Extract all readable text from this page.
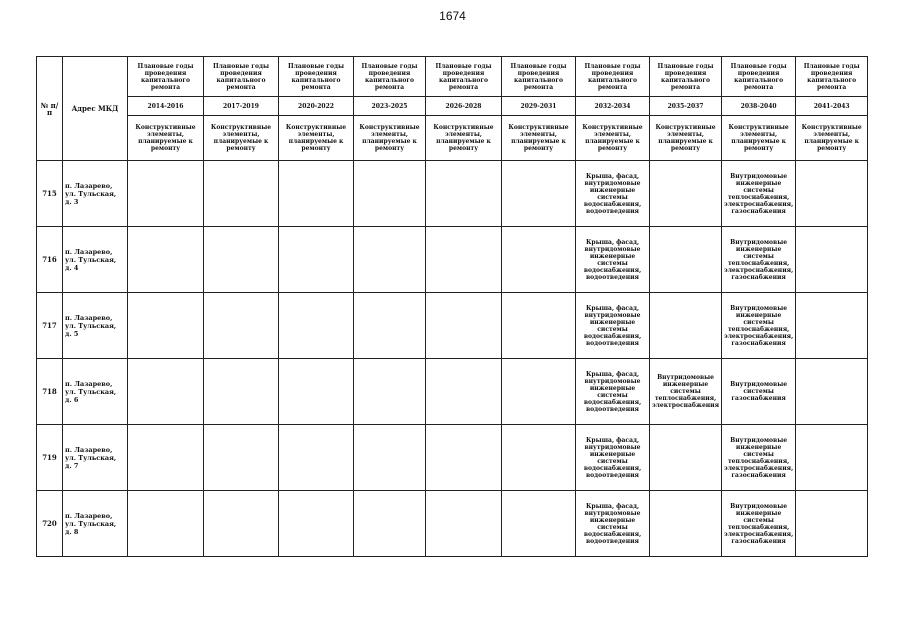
1674
№ п/п	Адрес МКД	Плановые годы проведения капитального ремонта	Плановые годы проведения капитального ремонта	Плановые годы проведения капитального ремонта	Плановые годы проведения капитального ремонта	Плановые годы проведения капитального ремонта	Плановые годы проведения капитального ремонта	Плановые годы проведения капитального ремонта	Плановые годы проведения капитального ремонта	Плановые годы проведения капитального ремонта	Плановые годы проведения капитального ремонта
		2014-2016	2017-2019	2020-2022	2023-2025	2026-2028	2029-2031	2032-2034	2035-2037	2038-2040	2041-2043
		Конструктивные элементы, планируемые к ремонту	Конструктивные элементы, планируемые к ремонту	Конструктивные элементы, планируемые к ремонту	Конструктивные элементы, планируемые к ремонту	Конструктивные элементы, планируемые к ремонту	Конструктивные элементы, планируемые к ремонту	Конструктивные элементы, планируемые к ремонту	Конструктивные элементы, планируемые к ремонту	Конструктивные элементы, планируемые к ремонту	Конструктивные элементы, планируемые к ремонту
715	п. Лазарево, ул. Тульская, д. 3							Крыша, фасад, внутридомовые инженерные системы водоснабжения, водоотведения		Внутридомовые инженерные системы теплоснабжения, электроснабжения, газоснабжения	
716	п. Лазарево, ул. Тульская, д. 4							Крыша, фасад, внутридомовые инженерные системы водоснабжения, водоотведения		Внутридомовые инженерные системы теплоснабжения, электроснабжения, газоснабжения	
717	п. Лазарево, ул. Тульская, д. 5							Крыша, фасад, внутридомовые инженерные системы водоснабжения, водоотведения		Внутридомовые инженерные системы теплоснабжения, электроснабжения, газоснабжения	
718	п. Лазарево, ул. Тульская, д. 6							Крыша, фасад, внутридомовые инженерные системы водоснабжения, водоотведения	Внутридомовые инженерные системы теплоснабжения, электроснабжения	Внутридомовые системы газоснабжения	
719	п. Лазарево, ул. Тульская, д. 7							Крыша, фасад, внутридомовые инженерные системы водоснабжения, водоотведения		Внутридомовые инженерные системы теплоснабжения, электроснабжения, газоснабжения	
720	п. Лазарево, ул. Тульская, д. 8							Крыша, фасад, внутридомовые инженерные системы водоснабжения, водоотведения		Внутридомовые инженерные системы теплоснабжения, электроснабжения, газоснабжения	
